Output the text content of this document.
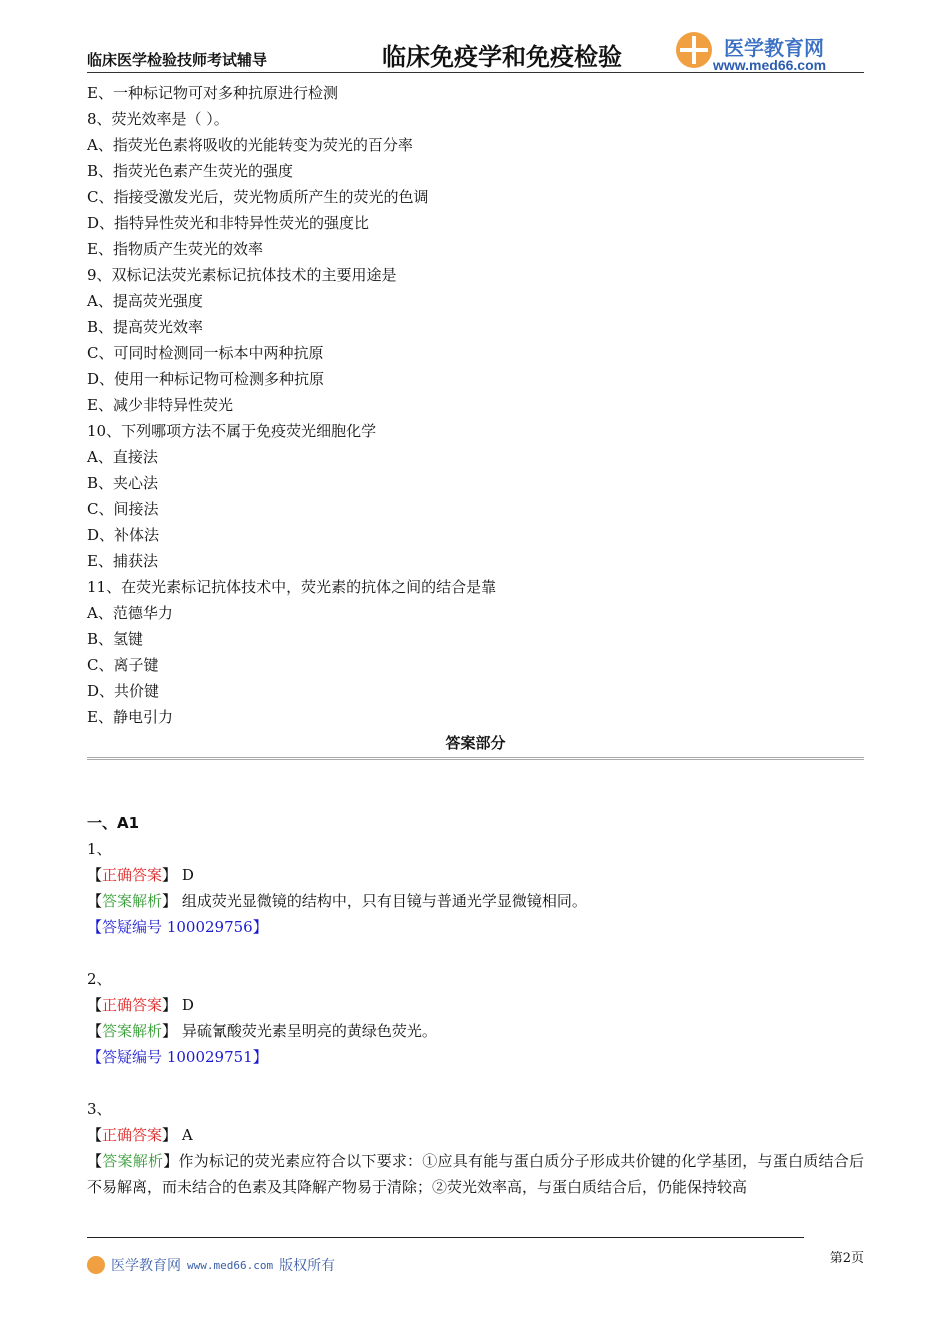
临床医学检验技师考试辅导	临床免疫学和免疫检验	医学教育网
www.med66.com
E、一种标记物可对多种抗原进行检测
8、荧光效率是（ ）。
A、指荧光色素将吸收的光能转变为荧光的百分率
B、指荧光色素产生荧光的强度
C、指接受激发光后，荧光物质所产生的荧光的色调
D、指特异性荧光和非特异性荧光的强度比
E、指物质产生荧光的效率
9、双标记法荧光素标记抗体技术的主要用途是
A、提高荧光强度
B、提高荧光效率
C、可同时检测同一标本中两种抗原
D、使用一种标记物可检测多种抗原
E、减少非特异性荧光
10、下列哪项方法不属于免疫荧光细胞化学
A、直接法
B、夹心法
C、间接法
D、补体法
E、捕获法
11、在荧光素标记抗体技术中，荧光素的抗体之间的结合是靠
A、范德华力
B、氢键
C、离子键
D、共价键
E、静电引力
答案部分
一、A1
1、
【正确答案】 D
【答案解析】 组成荧光显微镜的结构中，只有目镜与普通光学显微镜相同。
【答疑编号 100029756】
2、
【正确答案】 D
【答案解析】 异硫氰酸荧光素呈明亮的黄绿色荧光。
【答疑编号 100029751】
3、
【正确答案】 A
【答案解析】作为标记的荧光素应符合以下要求：①应具有能与蛋白质分子形成共价键的化学基团，与蛋白质结合后不易解离，而未结合的色素及其降解产物易于清除；②荧光效率高，与蛋白质结合后，仍能保持较高
医学教育网 www.med66.com 版权所有	第2页
